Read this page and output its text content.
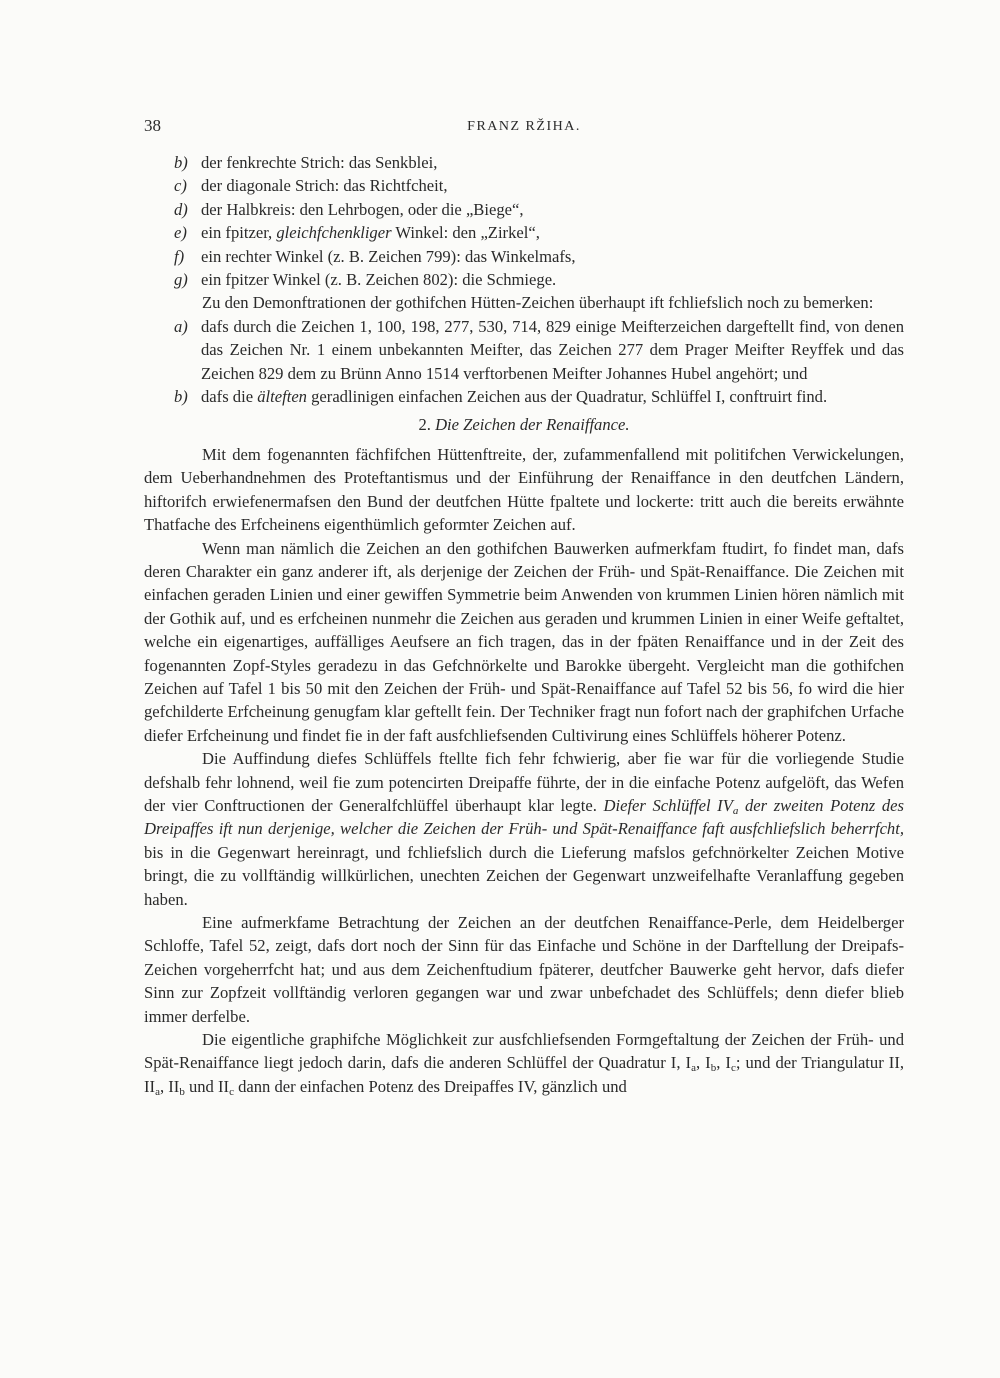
38	FRANZ RŽIHA.

b) der fenkrechte Strich: das Senkblei,

c) der diagonale Strich: das Richtfcheit,

d) der Halbkreis: den Lehrbogen, oder die „Biege“,

e) ein fpitzer, gleichfchenkliger Winkel: den „Zirkel“,

f) ein rechter Winkel (z. B. Zeichen 799): das Winkelmafs,

g) ein fpitzer Winkel (z. B. Zeichen 802): die Schmiege.

Zu den Demonftrationen der gothifchen Hütten-Zeichen überhaupt ift fchliefslich noch zu bemerken:

a) dafs durch die Zeichen 1, 100, 198, 277, 530, 714, 829 einige Meifterzeichen dargeftellt find, von denen das Zeichen Nr. 1 einem unbekannten Meifter, das Zeichen 277 dem Prager Meifter Reyffek und das Zeichen 829 dem zu Brünn Anno 1514 verftorbenen Meifter Johannes Hubel angehört; und

b) dafs die älteften geradlinigen einfachen Zeichen aus der Quadratur, Schlüffel I, conftruirt find.

2. Die Zeichen der Renaiffance.

Mit dem fogenannten fächfifchen Hüttenftreite, der, zufammenfallend mit politifchen Verwickelungen, dem Ueberhandnehmen des Proteftantismus und der Einführung der Renaiffance in den deutfchen Ländern, hiftorifch erwiefenermafsen den Bund der deutfchen Hütte fpaltete und lockerte: tritt auch die bereits erwähnte Thatfache des Erfcheinens eigenthümlich geformter Zeichen auf.

Wenn man nämlich die Zeichen an den gothifchen Bauwerken aufmerkfam ftudirt, fo findet man, dafs deren Charakter ein ganz anderer ift, als derjenige der Zeichen der Früh- und Spät-Renaiffance. Die Zeichen mit einfachen geraden Linien und einer gewiffen Symmetrie beim Anwenden von krummen Linien hören nämlich mit der Gothik auf, und es erfcheinen nunmehr die Zeichen aus geraden und krummen Linien in einer Weife geftaltet, welche ein eigenartiges, auffälliges Aeufsere an fich tragen, das in der fpäten Renaiffance und in der Zeit des fogenannten Zopf-Styles geradezu in das Gefchnörkelte und Barokke übergeht. Vergleicht man die gothifchen Zeichen auf Tafel 1 bis 50 mit den Zeichen der Früh- und Spät-Renaiffance auf Tafel 52 bis 56, fo wird die hier gefchilderte Erfcheinung genugfam klar geftellt fein. Der Techniker fragt nun fofort nach der graphifchen Urfache diefer Erfcheinung und findet fie in der faft ausfchliefsenden Cultivirung eines Schlüffels höherer Potenz.

Die Auffindung diefes Schlüffels ftellte fich fehr fchwierig, aber fie war für die vorliegende Studie defshalb fehr lohnend, weil fie zum potencirten Dreipaffe führte, der in die einfache Potenz aufgelöft, das Wefen der vier Conftructionen der Generalfchlüffel überhaupt klar legte. Diefer Schlüffel $IV_a$ der zweiten Potenz des Dreipaffes ift nun derjenige, welcher die Zeichen der Früh- und Spät-Renaiffance faft ausfchliefslich beherrfcht, bis in die Gegenwart hereinragt, und fchliefslich durch die Lieferung mafslos gefchnörkelter Zeichen Motive bringt, die zu vollftändig willkürlichen, unechten Zeichen der Gegenwart unzweifelhafte Veranlaffung gegeben haben.

Eine aufmerkfame Betrachtung der Zeichen an der deutfchen Renaiffance-Perle, dem Heidelberger Schloffe, Tafel 52, zeigt, dafs dort noch der Sinn für das Einfache und Schöne in der Darftellung der Dreipafs-Zeichen vorgeherrfcht hat; und aus dem Zeichenftudium fpäterer, deutfcher Bauwerke geht hervor, dafs diefer Sinn zur Zopfzeit vollftändig verloren gegangen war und zwar unbefchadet des Schlüffels; denn diefer blieb immer derfelbe.

Die eigentliche graphifche Möglichkeit zur ausfchliefsenden Formgeftaltung der Zeichen der Früh- und Spät-Renaiffance liegt jedoch darin, dafs die anderen Schlüffel der Quadratur I, $I_a$, $I_b$, $I_c$; und der Triangulatur II, $II_a$, $II_b$ und $II_c$ dann der einfachen Potenz des Dreipaffes IV, gänzlich und
